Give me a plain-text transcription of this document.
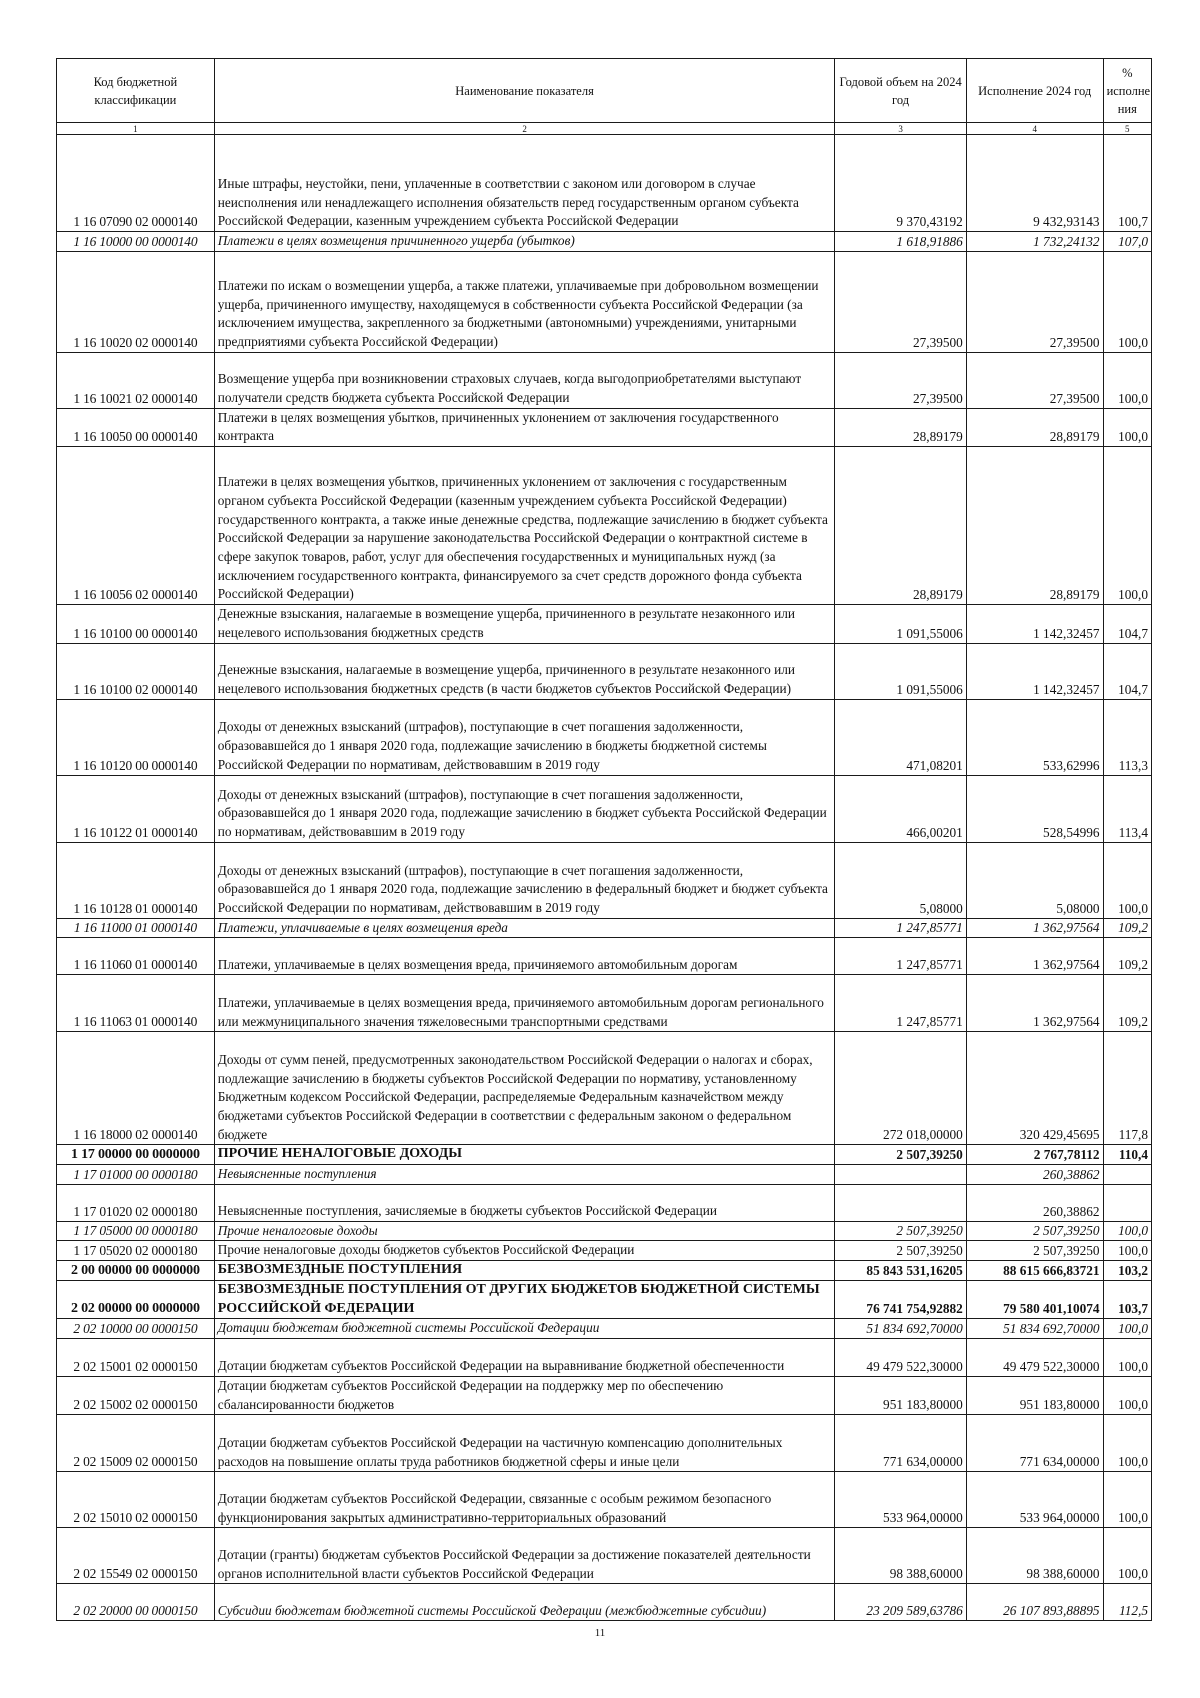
Код бюджетной классификации	Наименование показателя	Годовой объем на 2024 год	Исполнение 2024 год	% исполне ния
1	2	3	4	5
1 16 07090 02 0000140	Иные штрафы, неустойки, пени, уплаченные в соответствии с законом или договором в случае неисполнения или ненадлежащего исполнения обязательств перед государственным органом субъекта Российской Федерации, казенным учреждением субъекта Российской Федерации	9 370,43192	9 432,93143	100,7
1 16 10000 00 0000140	Платежи в целях возмещения причиненного ущерба (убытков)	1 618,91886	1 732,24132	107,0
1 16 10020 02 0000140	Платежи по искам о возмещении ущерба, а также платежи, уплачиваемые при добровольном возмещении ущерба, причиненного имуществу, находящемуся в собственности субъекта Российской Федерации (за исключением имущества, закрепленного за бюджетными (автономными) учреждениями, унитарными предприятиями субъекта Российской Федерации)	27,39500	27,39500	100,0
1 16 10021 02 0000140	Возмещение ущерба при возникновении страховых случаев, когда выгодоприобретателями выступают получатели средств бюджета субъекта Российской Федерации	27,39500	27,39500	100,0
1 16 10050 00 0000140	Платежи в целях возмещения убытков, причиненных уклонением от заключения государственного контракта	28,89179	28,89179	100,0
1 16 10056 02 0000140	Платежи в целях возмещения убытков, причиненных уклонением от заключения с государственным органом субъекта Российской Федерации (казенным учреждением субъекта Российской Федерации) государственного контракта, а также иные денежные средства, подлежащие зачислению в бюджет субъекта Российской Федерации за нарушение законодательства Российской Федерации о контрактной системе в сфере закупок товаров, работ, услуг для обеспечения государственных и муниципальных нужд (за исключением государственного контракта, финансируемого за счет средств дорожного фонда субъекта Российской Федерации)	28,89179	28,89179	100,0
1 16 10100 00 0000140	Денежные взыскания, налагаемые в возмещение ущерба, причиненного в результате незаконного или нецелевого использования бюджетных средств	1 091,55006	1 142,32457	104,7
1 16 10100 02 0000140	Денежные взыскания, налагаемые в возмещение ущерба, причиненного в результате незаконного или нецелевого использования бюджетных средств (в части бюджетов субъектов Российской Федерации)	1 091,55006	1 142,32457	104,7
1 16 10120 00 0000140	Доходы от денежных взысканий (штрафов), поступающие в счет погашения задолженности, образовавшейся до 1 января 2020 года, подлежащие зачислению в бюджеты бюджетной системы Российской Федерации по нормативам, действовавшим в 2019 году	471,08201	533,62996	113,3
1 16 10122 01 0000140	Доходы от денежных взысканий (штрафов), поступающие в счет погашения задолженности, образовавшейся до 1 января 2020 года, подлежащие зачислению в бюджет субъекта Российской Федерации по нормативам, действовавшим в 2019 году	466,00201	528,54996	113,4
1 16 10128 01 0000140	Доходы от денежных взысканий (штрафов), поступающие в счет погашения задолженности, образовавшейся до 1 января 2020 года, подлежащие зачислению в федеральный бюджет и бюджет субъекта Российской Федерации по нормативам, действовавшим в 2019 году	5,08000	5,08000	100,0
1 16 11000 01 0000140	Платежи, уплачиваемые в целях возмещения вреда	1 247,85771	1 362,97564	109,2
1 16 11060 01 0000140	Платежи, уплачиваемые в целях возмещения вреда, причиняемого автомобильным дорогам	1 247,85771	1 362,97564	109,2
1 16 11063 01 0000140	Платежи, уплачиваемые в целях возмещения вреда, причиняемого автомобильным дорогам регионального или межмуниципального значения тяжеловесными транспортными средствами	1 247,85771	1 362,97564	109,2
1 16 18000 02 0000140	Доходы от сумм пеней, предусмотренных законодательством Российской Федерации о налогах и сборах, подлежащие зачислению в бюджеты субъектов Российской Федерации по нормативу, установленному Бюджетным кодексом Российской Федерации, распределяемые Федеральным казначейством между бюджетами субъектов Российской Федерации в соответствии с федеральным законом о федеральном бюджете	272 018,00000	320 429,45695	117,8
1 17 00000 00 0000000	ПРОЧИЕ НЕНАЛОГОВЫЕ ДОХОДЫ	2 507,39250	2 767,78112	110,4
1 17 01000 00 0000180	Невыясненные поступления		260,38862	
1 17 01020 02 0000180	Невыясненные поступления, зачисляемые в бюджеты субъектов Российской Федерации		260,38862	
1 17 05000 00 0000180	Прочие неналоговые доходы	2 507,39250	2 507,39250	100,0
1 17 05020 02 0000180	Прочие неналоговые доходы бюджетов субъектов Российской Федерации	2 507,39250	2 507,39250	100,0
2 00 00000 00 0000000	БЕЗВОЗМЕЗДНЫЕ ПОСТУПЛЕНИЯ	85 843 531,16205	88 615 666,83721	103,2
2 02 00000 00 0000000	БЕЗВОЗМЕЗДНЫЕ ПОСТУПЛЕНИЯ ОТ ДРУГИХ БЮДЖЕТОВ БЮДЖЕТНОЙ СИСТЕМЫ РОССИЙСКОЙ ФЕДЕРАЦИИ	76 741 754,92882	79 580 401,10074	103,7
2 02 10000 00 0000150	Дотации бюджетам бюджетной системы Российской Федерации	51 834 692,70000	51 834 692,70000	100,0
2 02 15001 02 0000150	Дотации бюджетам субъектов Российской Федерации на выравнивание бюджетной обеспеченности	49 479 522,30000	49 479 522,30000	100,0
2 02 15002 02 0000150	Дотации бюджетам субъектов Российской Федерации на поддержку мер по обеспечению сбалансированности бюджетов	951 183,80000	951 183,80000	100,0
2 02 15009 02 0000150	Дотации бюджетам субъектов Российской Федерации на частичную компенсацию дополнительных расходов на повышение оплаты труда работников бюджетной сферы и иные цели	771 634,00000	771 634,00000	100,0
2 02 15010 02 0000150	Дотации бюджетам субъектов Российской Федерации, связанные с особым режимом безопасного функционирования закрытых административно-территориальных образований	533 964,00000	533 964,00000	100,0
2 02 15549 02 0000150	Дотации (гранты) бюджетам субъектов Российской Федерации за достижение показателей деятельности органов исполнительной власти субъектов Российской Федерации	98 388,60000	98 388,60000	100,0
2 02 20000 00 0000150	Субсидии бюджетам бюджетной системы Российской Федерации (межбюджетные субсидии)	23 209 589,63786	26 107 893,88895	112,5
11
